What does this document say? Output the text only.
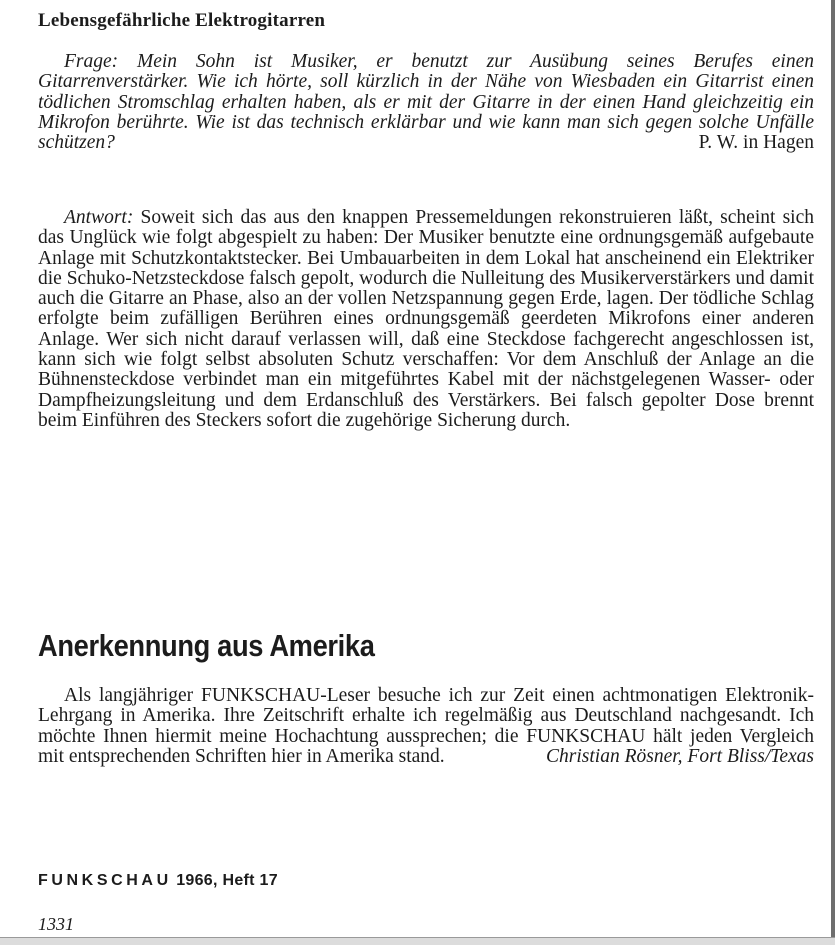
Lebensgefährliche Elektrogitarren

Frage: Mein Sohn ist Musiker, er benutzt zur Ausübung seines Berufes einen Gitarrenverstärker. Wie ich hörte, soll kürzlich in der Nähe von Wiesbaden ein Gitarrist einen tödlichen Stromschlag erhalten haben, als er mit der Gitarre in der einen Hand gleichzeitig ein Mikrofon berührte. Wie ist das technisch erklärbar und wie kann man sich gegen solche Unfälle schützen?	P. W. in Hagen

Antwort: Soweit sich das aus den knappen Pressemeldungen rekonstruieren läßt, scheint sich das Unglück wie folgt abgespielt zu haben: Der Musiker benutzte eine ordnungsgemäß aufgebaute Anlage mit Schutzkontaktstecker. Bei Umbauarbeiten in dem Lokal hat anscheinend ein Elektriker die Schuko-Netzsteckdose falsch gepolt, wodurch die Nulleitung des Musikerverstärkers und damit auch die Gitarre an Phase, also an der vollen Netzspannung gegen Erde, lagen. Der tödliche Schlag erfolgte beim zufälligen Berühren eines ordnungsgemäß geerdeten Mikrofons einer anderen Anlage. Wer sich nicht darauf verlassen will, daß eine Steckdose fachgerecht angeschlossen ist, kann sich wie folgt selbst absoluten Schutz verschaffen: Vor dem Anschluß der Anlage an die Bühnensteckdose verbindet man ein mitgeführtes Kabel mit der nächstgelegenen Wasser- oder Dampfheizungsleitung und dem Erdanschluß des Verstärkers. Bei falsch gepolter Dose brennt beim Einführen des Steckers sofort die zugehörige Sicherung durch.

Anerkennung aus Amerika

Als langjähriger FUNKSCHAU-Leser besuche ich zur Zeit einen achtmonatigen Elektronik-Lehrgang in Amerika. Ihre Zeitschrift erhalte ich regelmäßig aus Deutschland nachgesandt. Ich möchte Ihnen hiermit meine Hochachtung aussprechen; die FUNKSCHAU hält jeden Vergleich mit entsprechenden Schriften hier in Amerika stand.	Christian Rösner, Fort Bliss/Texas

FUNKSCHAU 1966, Heft 17
1331
